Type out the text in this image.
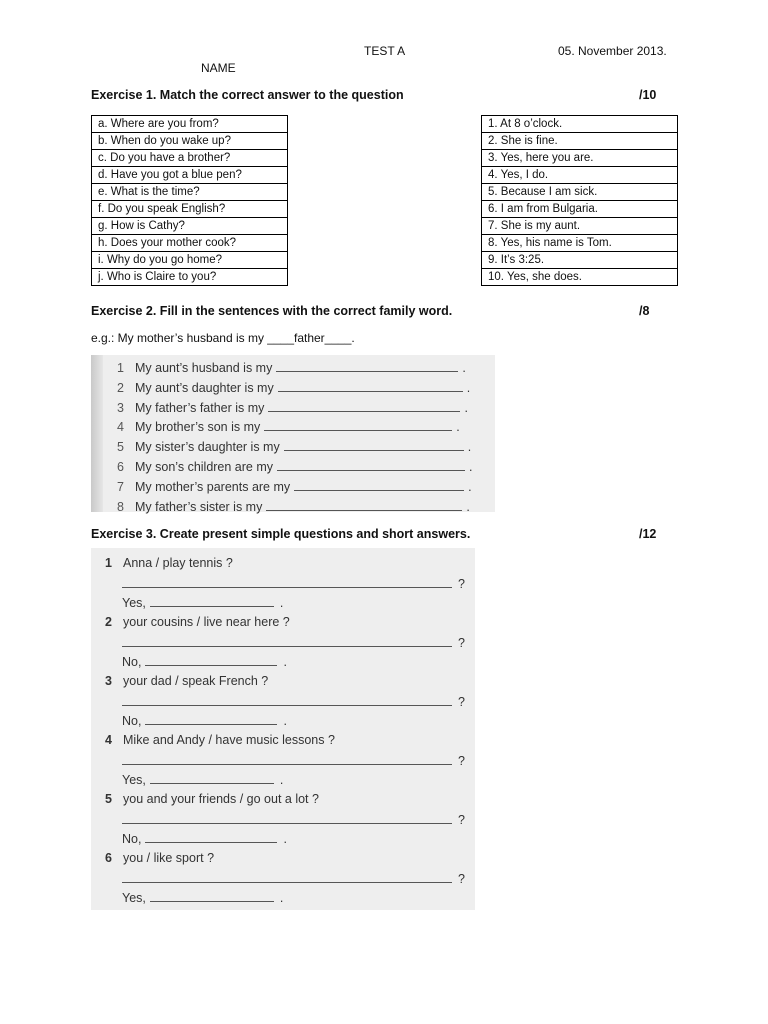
TEST A	05. November 2013.
NAME
Exercise 1. Match the correct answer to the question	/10
a. Where are you from?
b. When do you wake up?
c. Do you have a brother?
d. Have you got a blue pen?
e. What is the time?
f. Do you speak English?
g. How is Cathy?
h. Does your mother cook?
i. Why do you go home?
j. Who is Claire to you?
1. At 8 o’clock.
2. She is fine.
3. Yes, here you are.
4. Yes, I do.
5. Because I am sick.
6. I am from Bulgaria.
7. She is my aunt.
8. Yes, his name is Tom.
9. It’s 3:25.
10. Yes, she does.
Exercise 2. Fill in the sentences with the correct family word.	/8
e.g.: My mother’s husband is my ____father____.
1 My aunt’s husband is my	.
2 My aunt’s daughter is my	.
3 My father’s father is my	.
4 My brother’s son is my	.
5 My sister’s daughter is my	.
6 My son’s children are my	.
7 My mother’s parents are my	.
8 My father’s sister is my	.
Exercise 3. Create present simple questions and short answers.	/12
1 Anna / play tennis ?
?
Yes,	.
2 your cousins / live near here ?
?
No,	.
3 your dad / speak French ?
?
No,	.
4 Mike and Andy / have music lessons ?
?
Yes,	.
5 you and your friends / go out a lot ?
?
No,	.
6 you / like sport ?
?
Yes,	.
